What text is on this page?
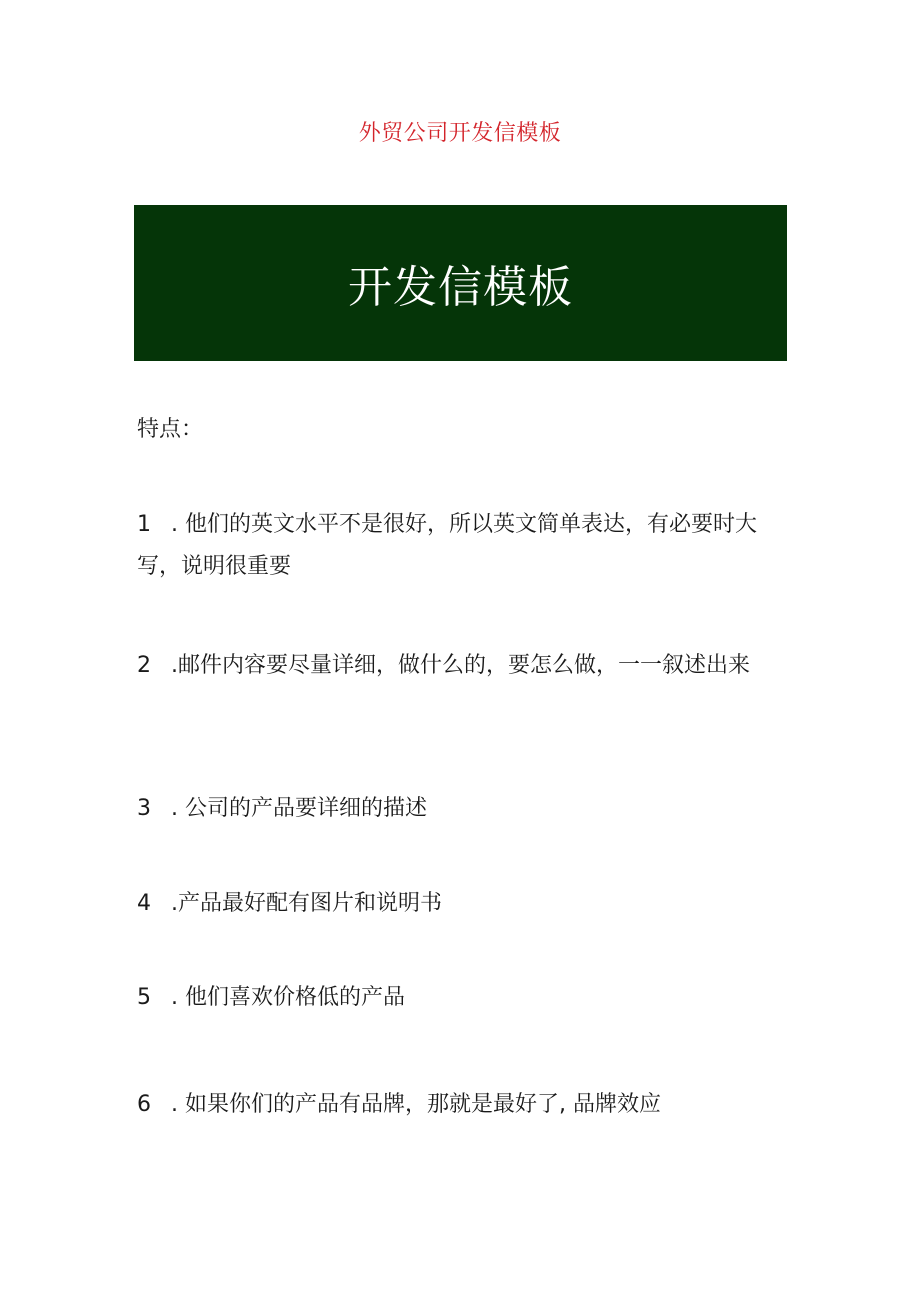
外贸公司开发信模板
开发信模板
特点：
1 . 他们的英文水平不是很好，所以英文简单表达，有必要时大写，说明很重要
2 .邮件内容要尽量详细，做什么的，要怎么做，一一叙述出来
3 . 公司的产品要详细的描述
4 .产品最好配有图片和说明书
5 . 他们喜欢价格低的产品
6 . 如果你们的产品有品牌，那就是最好了, 品牌效应
